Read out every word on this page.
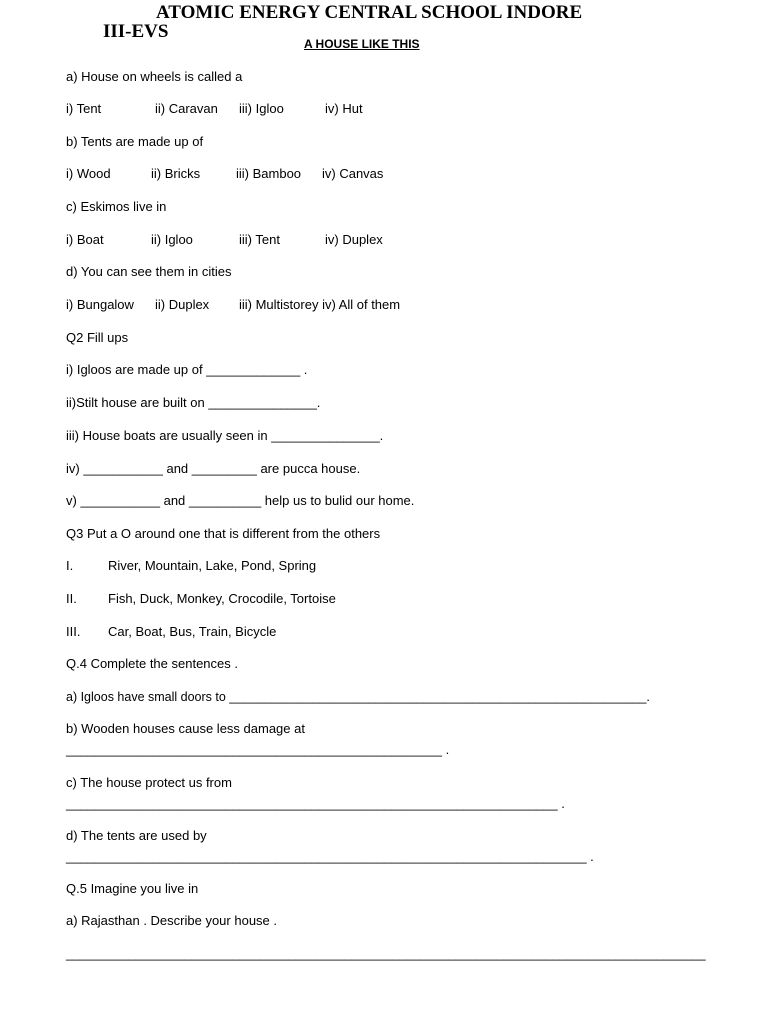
ATOMIC ENERGY CENTRAL SCHOOL INDORE
III-EVS
A HOUSE LIKE THIS
a) House on wheels is called a
i) Tent	ii) Caravan iii) Igloo	iv) Hut
b) Tents are made up of
i) Wood	ii) Bricks	iii) Bamboo iv) Canvas
c) Eskimos live in
i) Boat	ii) Igloo	iii) Tent	iv) Duplex
d) You can see them in cities
i) Bungalow ii) Duplex iii) Multistorey iv) All of them
Q2 Fill ups
i) Igloos are made up of _____________ .
ii)Stilt house are built on _______________.
iii) House boats are usually seen in _______________.
iv) ___________ and _________ are pucca house.
v) ___________ and __________ help us to bulid our home.
Q3 Put a O around one that is different from the others
I.	River, Mountain, Lake, Pond, Spring
II. Fish, Duck, Monkey, Crocodile, Tortoise
III. Car, Boat, Bus, Train, Bicycle
Q.4 Complete the sentences .
a) Igloos have small doors to ____________________________________________________________.
b) Wooden houses cause less damage at
____________________________________________________ .
c) The house protect us from
____________________________________________________________________ .
d) The tents are used by
________________________________________________________________________ .
Q.5 Imagine you live in
a) Rajasthan . Describe your house .
____________________________________________________________________________________________
